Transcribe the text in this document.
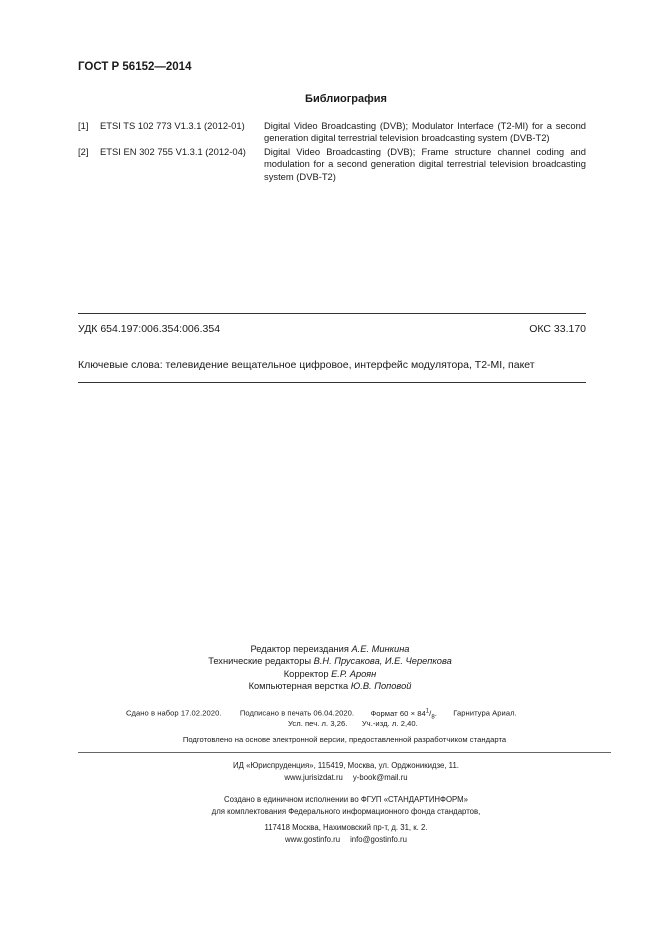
ГОСТ Р 56152—2014
Библиография
[1] ETSI TS 102 773 V1.3.1 (2012-01) Digital Video Broadcasting (DVB); Modulator Interface (T2-MI) for a second generation digital terrestrial television broadcasting system (DVB-T2)
[2] ETSI EN 302 755 V1.3.1 (2012-04) Digital Video Broadcasting (DVB); Frame structure channel coding and modulation for a second generation digital terrestrial television broadcasting system (DVB-T2)
УДК 654.197:006.354:006.354	ОКС 33.170
Ключевые слова: телевидение вещательное цифровое, интерфейс модулятора, T2-MI, пакет
Редактор переиздания А.Е. Минкина
Технические редакторы В.Н. Прусакова, И.Е. Черепкова
Корректор Е.Р. Ароян
Компьютерная верстка Ю.В. Поповой
Сдано в набор 17.02.2020. Подписано в печать 06.04.2020. Формат $60 \times 84^1/_8$. Гарнитура Ариал.
Усл. печ. л. 3,26. Уч.-изд. л. 2,40.
Подготовлено на основе электронной версии, предоставленной разработчиком стандарта
ИД «Юриспруденция», 115419, Москва, ул. Орджоникидзе, 11.
www.jurisizdat.ru y-book@mail.ru
Создано в единичном исполнении во ФГУП «СТАНДАРТИНФОРМ»
для комплектования Федерального информационного фонда стандартов,
117418 Москва, Нахимовский пр-т, д. 31, к. 2.
www.gostinfo.ru info@gostinfo.ru
